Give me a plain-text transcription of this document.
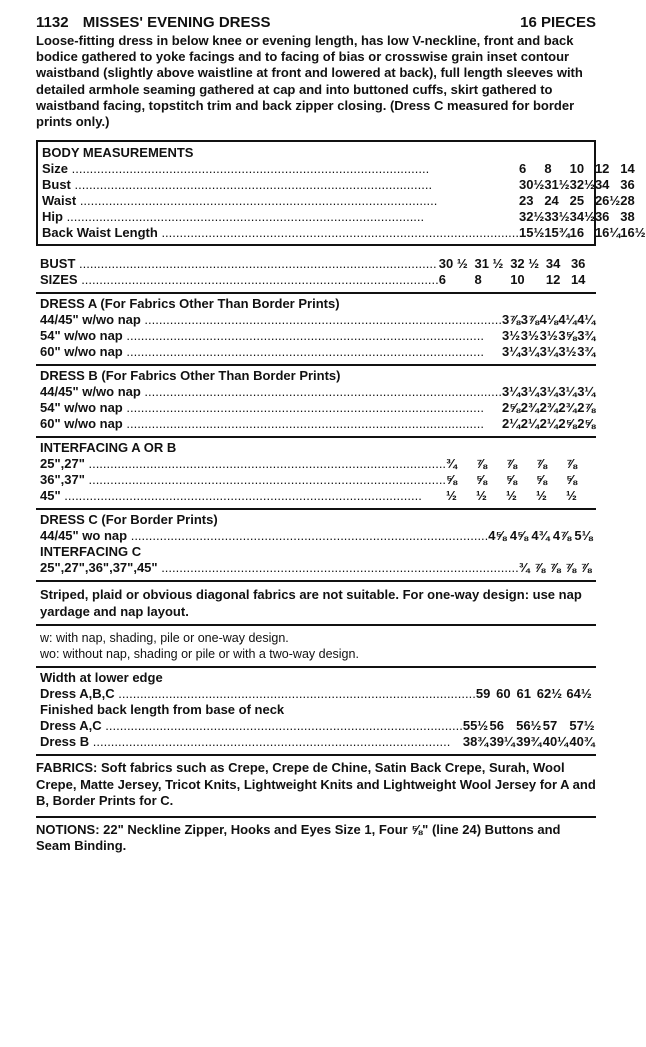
1132 MISSES' EVENING DRESS	16 PIECES
Loose-fitting dress in below knee or evening length, has low V-neckline, front and back bodice gathered to yoke facings and to facing of bias or crosswise grain inset contour waistband (slightly above waistline at front and lowered at back), full length sleeves with detailed armhole seaming gathered at cap and into buttoned cuffs, skirt gathered to waistband facing, topstitch trim and back zipper closing. (Dress C measured for border prints only.)
BODY MEASUREMENTS
Size .....	6	8	10	12	14
Bust .....	30½	31½	32½	34	36
Waist .....	23	24	25	26½	28
Hip .....	32½	33½	34½	36	38
Back Waist Length .....	15½	15¾	16	16¼	16½
BUST .....	30 ½	31 ½	32 ½	34	36
SIZES .....	6	8	10	12	14
DRESS A (For Fabrics Other Than Border Prints)
44/45" w/wo nap .....	3⅞	3⅞	4⅛	4¼	4¼
54" w/wo nap .....	3½	3½	3½	3⅝	3¾
60" w/wo nap .....	3¼	3¼	3¼	3½	3¾
DRESS B (For Fabrics Other Than Border Prints)
44/45" w/wo nap .....	3¼	3¼	3¼	3¼	3¼
54" w/wo nap .....	2⅝	2¾	2¾	2¾	2⅞
60" w/wo nap .....	2¼	2¼	2¼	2⅝	2⅝
INTERFACING A OR B
25",27" .....	¾	⅞	⅞	⅞	⅞
36",37" .....	⅝	⅝	⅝	⅝	⅝
45" .....	½	½	½	½	½
DRESS C (For Border Prints)
44/45" wo nap .....	4⅝	4⅝	4¾	4⅞	5⅛
INTERFACING C
25",27",36",37",45" .....	¾	⅞	⅞	⅞	⅞
Striped, plaid or obvious diagonal fabrics are not suitable. For one-way design: use nap yardage and nap layout.
w: with nap, shading, pile or one-way design.
wo: without nap, shading or pile or with a two-way design.
Width at lower edge
Dress A,B,C .....	59	60	61	62½	64½
Finished back length from base of neck
Dress A,C .....	55½	56	56½	57	57½
Dress B .....	38¾	39¼	39¾	40¼	40¾
FABRICS: Soft fabrics such as Crepe, Crepe de Chine, Satin Back Crepe, Surah, Wool Crepe, Matte Jersey, Tricot Knits, Lightweight Knits and Lightweight Wool Jersey for A and B, Border Prints for C.
NOTIONS: 22" Neckline Zipper, Hooks and Eyes Size 1, Four ⅝" (line 24) Buttons and Seam Binding.
